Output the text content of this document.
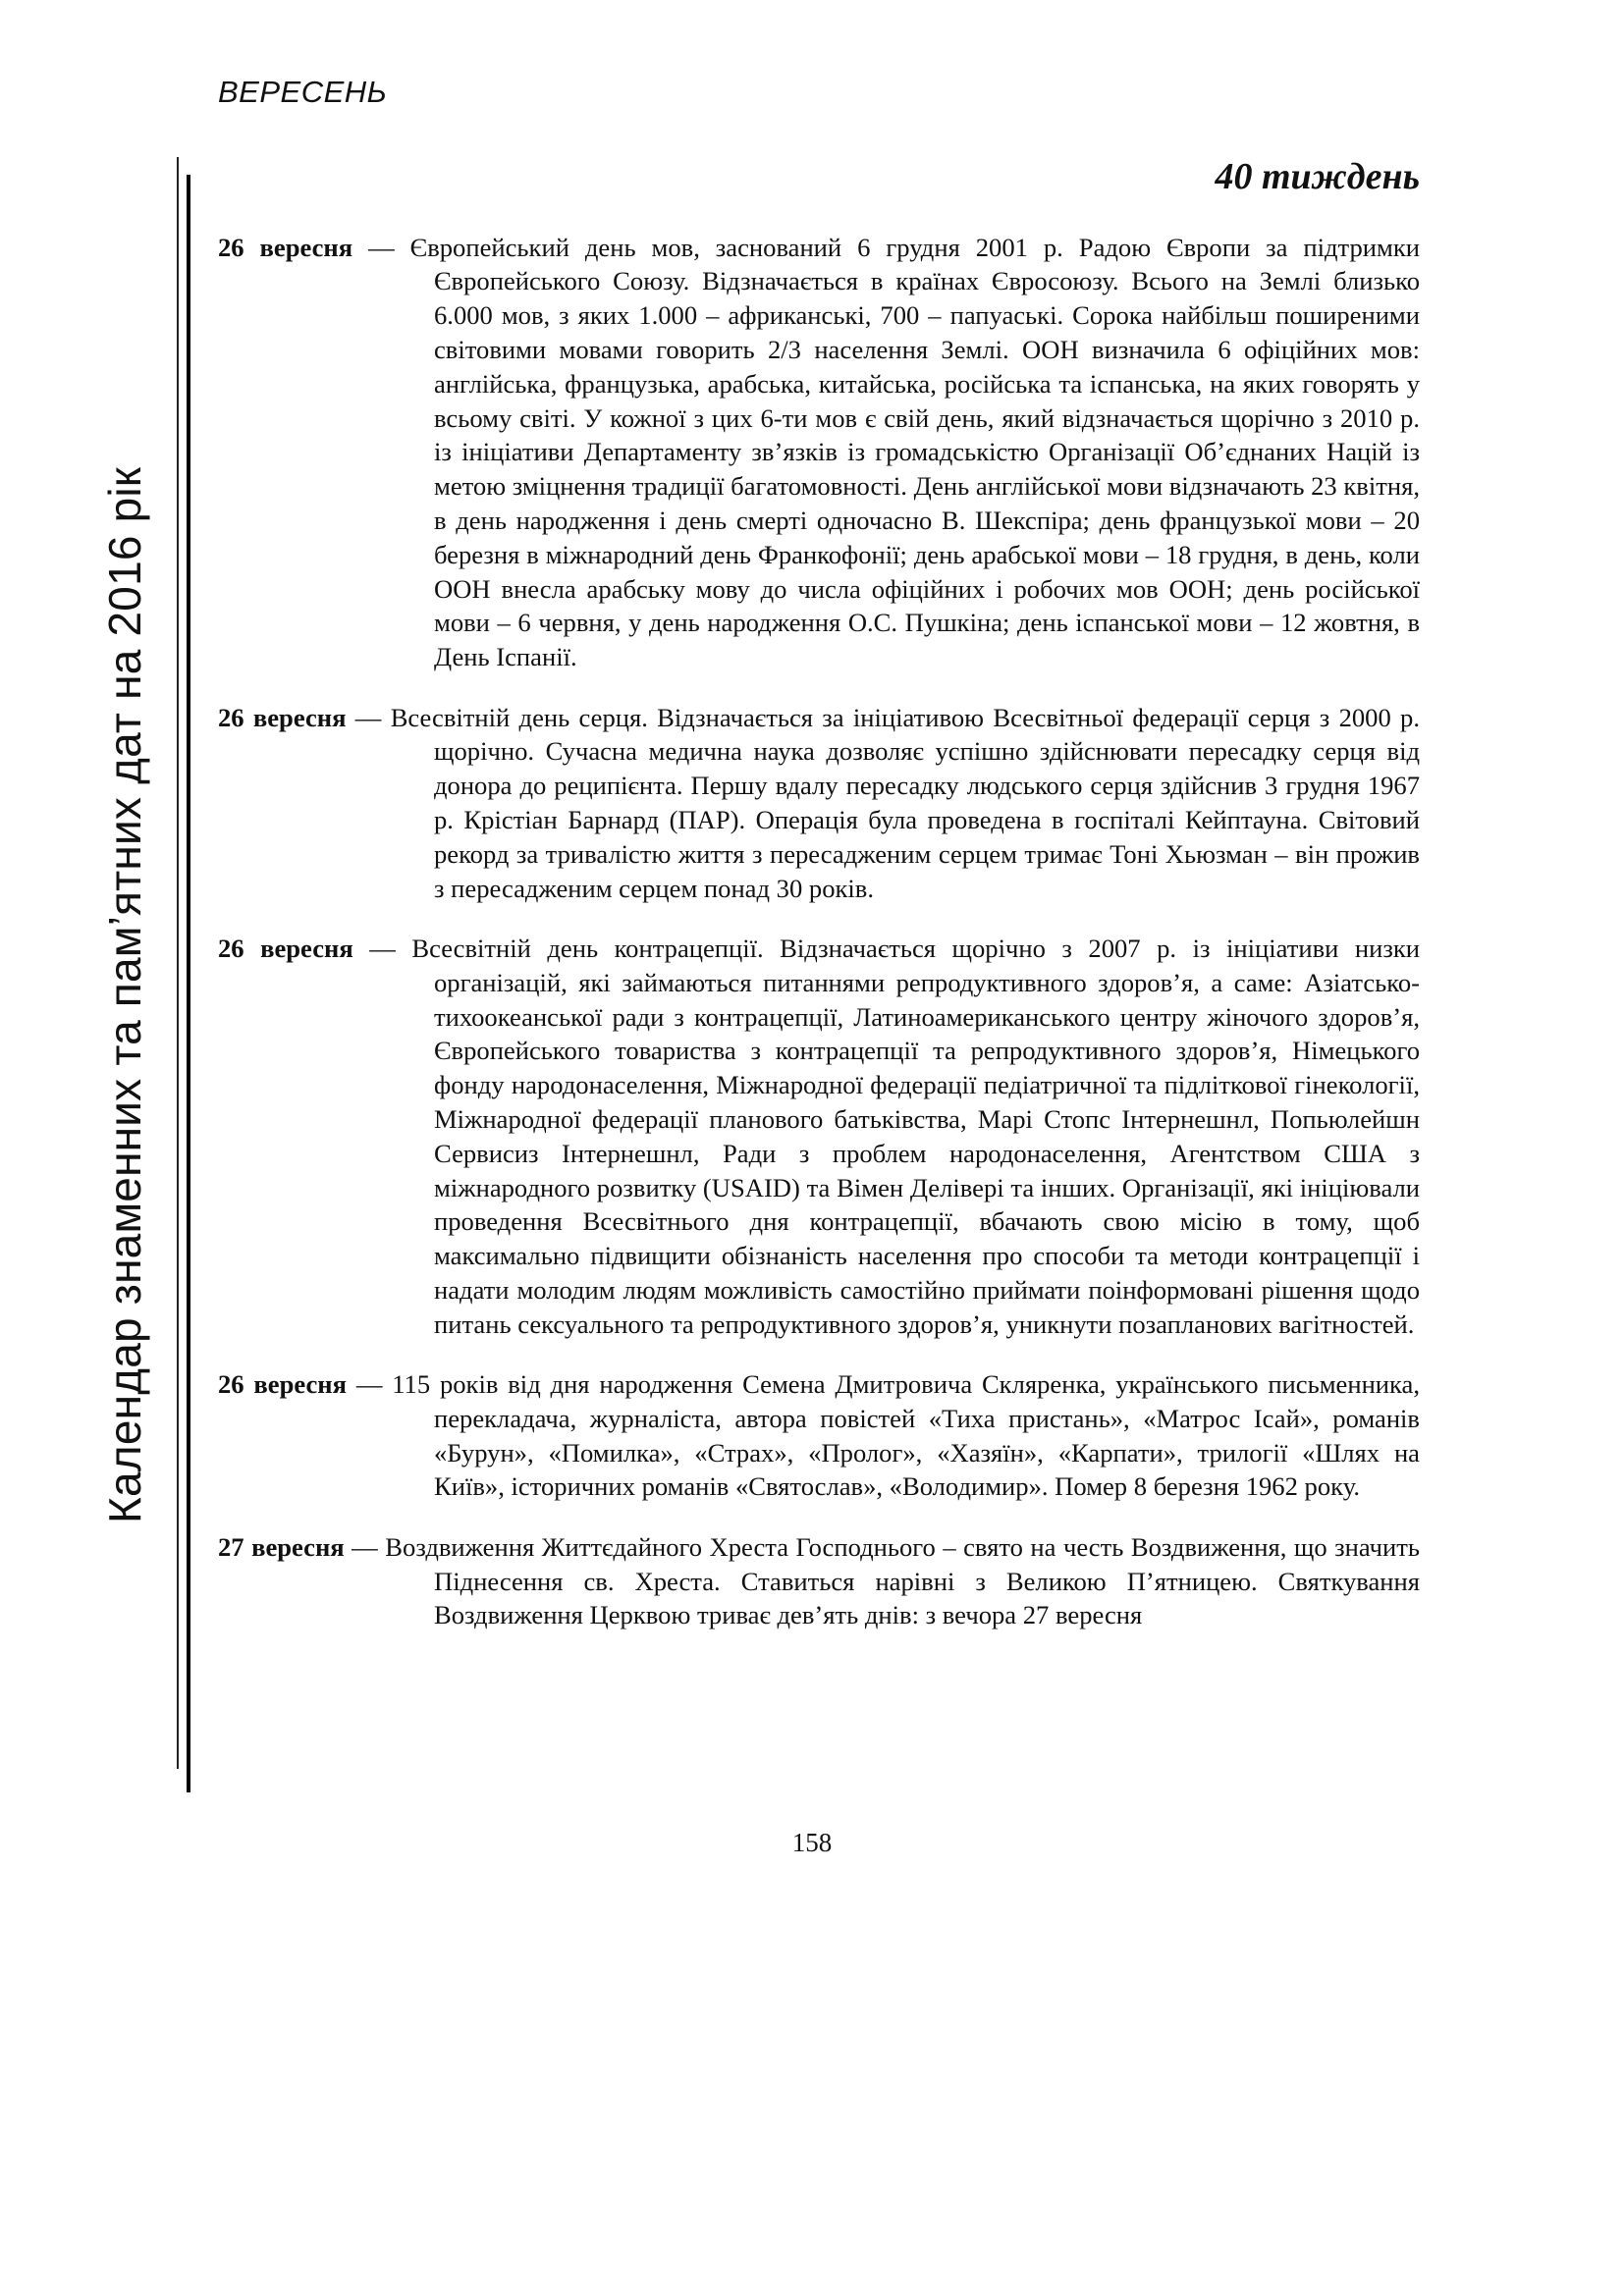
ВЕРЕСЕНЬ
Календар знаменних та пам’ятних дат на 2016 рік
40 тиждень

26 вересня — Європейський день мов, заснований 6 грудня 2001 р. Радою Європи за підтримки Європейського Союзу. Відзначається в країнах Євросоюзу. Всього на Землі близько 6.000 мов, з яких 1.000 – африканські, 700 – папуаські. Сорока найбільш поширеними світовими мовами говорить 2/3 населення Землі. ООН визначила 6 офіційних мов: англійська, французька, арабська, китайська, російська та іспанська, на яких говорять у всьому світі. У кожної з цих 6-ти мов є свій день, який відзначається щорічно з 2010 р. із ініціативи Департаменту зв’язків із громадськістю Організації Об’єднаних Націй із метою зміцнення традиції багатомовності. День англійської мови відзначають 23 квітня, в день народження і день смерті одночасно В. Шекспіра; день французької мови – 20 березня в міжнародний день Франкофонії; день арабської мови – 18 грудня, в день, коли ООН внесла арабську мову до числа офіційних і робочих мов ООН; день російської мови – 6 червня, у день народження О.С. Пушкіна; день іспанської мови – 12 жовтня, в День Іспанії.

26 вересня — Всесвітній день серця. Відзначається за ініціативою Всесвітньої федерації серця з 2000 р. щорічно. Сучасна медична наука дозволяє успішно здійснювати пересадку серця від донора до реципієнта. Першу вдалу пересадку людського серця здійснив 3 грудня 1967 р. Крістіан Барнард (ПАР). Операція була проведена в госпіталі Кейптауна. Світовий рекорд за тривалістю життя з пересадженим серцем тримає Тоні Хьюзман – він прожив з пересадженим серцем понад 30 років.

26 вересня — Всесвітній день контрацепції. Відзначається щорічно з 2007 р. із ініціативи низки організацій, які займаються питаннями репродуктивного здоров’я, а саме: Азіатсько-тихоокеанської ради з контрацепції, Латиноамериканського центру жіночого здоров’я, Європейського товариства з контрацепції та репродуктивного здоров’я, Німецького фонду народонаселення, Міжнародної федерації педіатричної та підліткової гінекології, Міжнародної федерації планового батьківства, Марі Стопс Інтернешнл, Попьюлейшн Сервисиз Інтернешнл, Ради з проблем народонаселення, Агентством США з міжнародного розвитку (USAID) та Вімен Делівері та інших. Організації, які ініціювали проведення Всесвітнього дня контрацепції, вбачають свою місію в тому, щоб максимально підвищити обізнаність населення про способи та методи контрацепції і надати молодим людям можливість самостійно приймати поінформовані рішення щодо питань сексуального та репродуктивного здоров’я, уникнути позапланових вагітностей.

26 вересня — 115 років від дня народження Семена Дмитровича Скляренка, українського письменника, перекладача, журналіста, автора повістей «Тиха пристань», «Матрос Ісай», романів «Бурун», «Помилка», «Страх», «Пролог», «Хазяїн», «Карпати», трилогії «Шлях на Київ», історичних романів «Святослав», «Володимир». Помер 8 березня 1962 року.

27 вересня — Воздвиження Життєдайного Хреста Господнього – свято на честь Воздвиження, що значить Піднесення св. Хреста. Ставиться нарівні з Великою П’ятницею. Святкування Воздвиження Церквою триває дев’ять днів: з вечора 27 вересня

158
